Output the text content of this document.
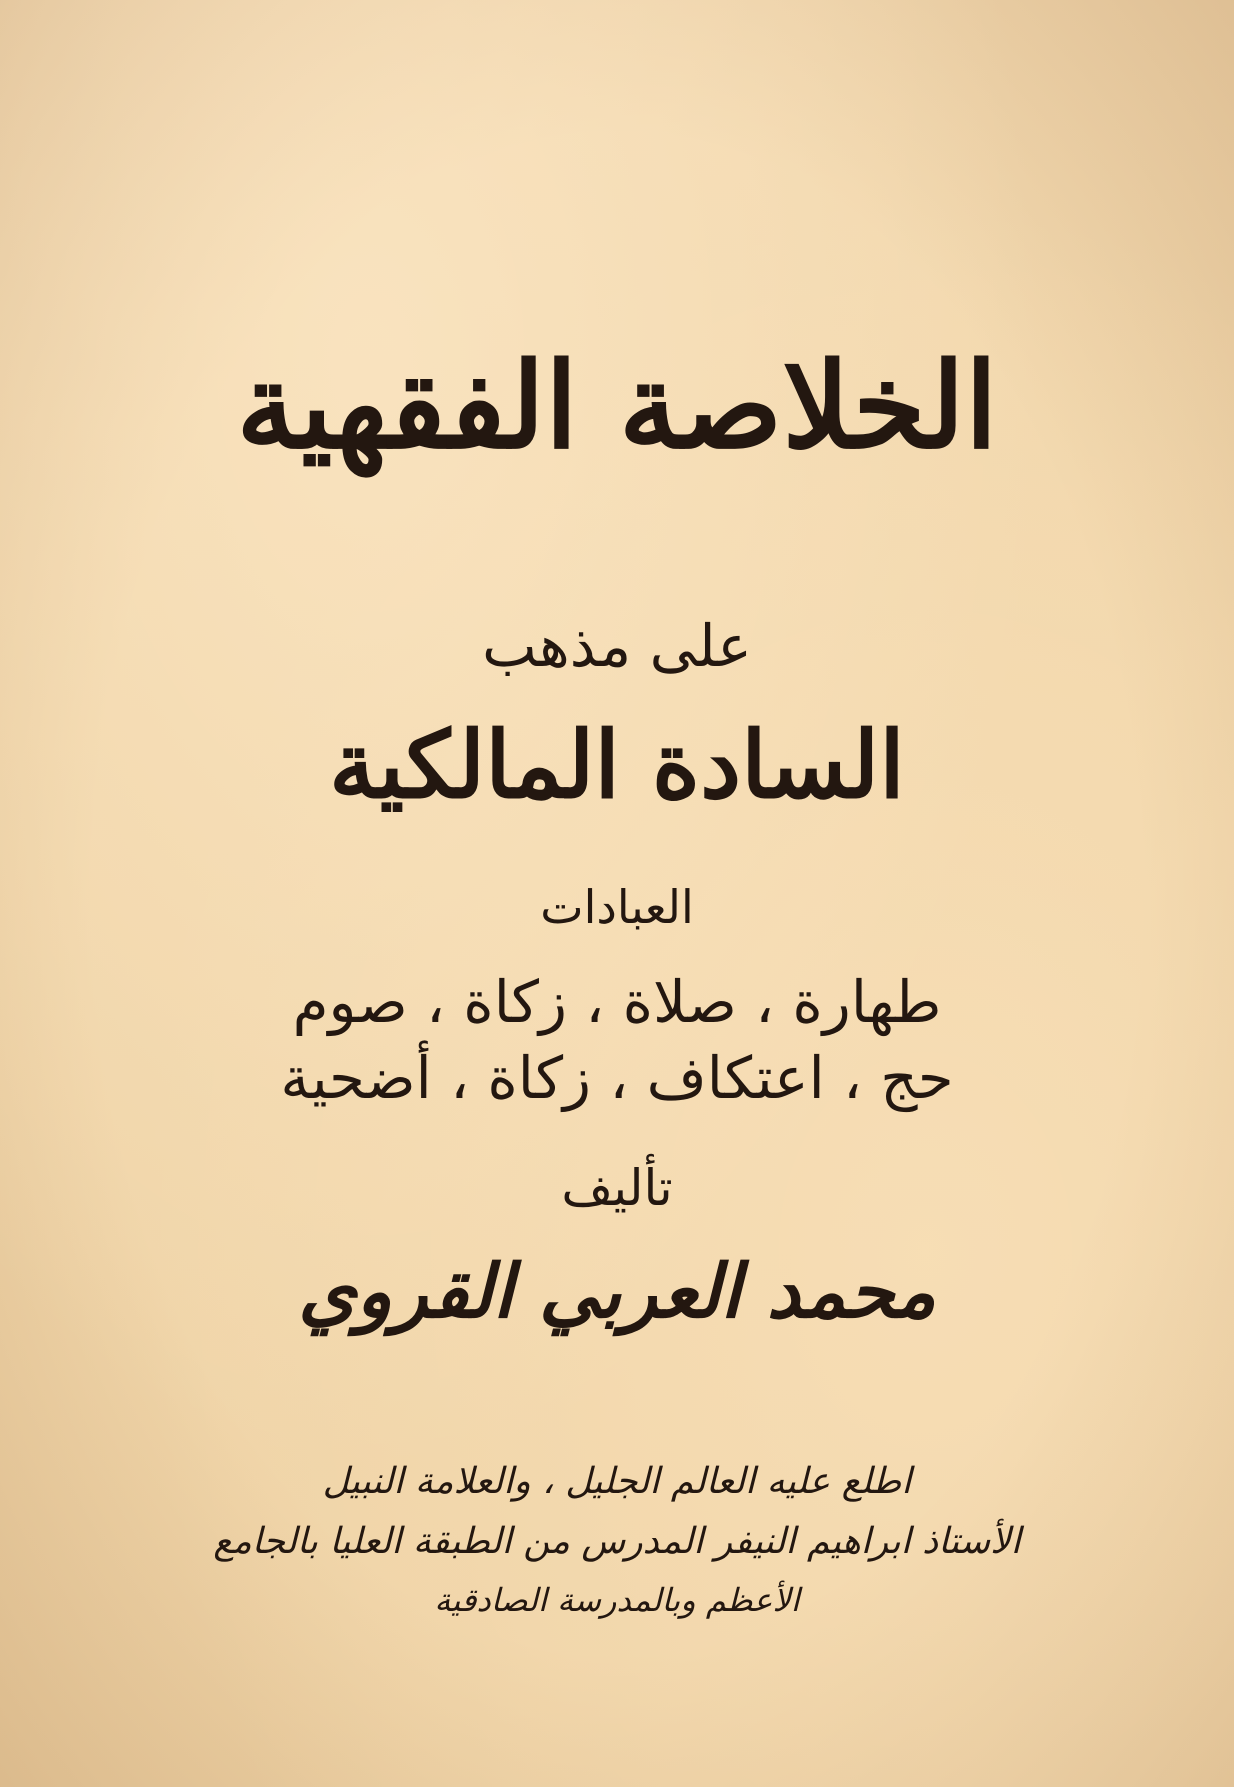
الخلاصة الفقهية
على مذهب
السادة المالكية
العبادات
طهارة ، صلاة ، زكاة ، صوم
حج ، اعتكاف ، زكاة ، أضحية
تأليف
محمد العربي القروي
اطلع عليه العالم الجليل ، والعلامة النبيل
الأستاذ ابراهيم النيفر المدرس من الطبقة العليا بالجامع
الأعظم وبالمدرسة الصادقية
